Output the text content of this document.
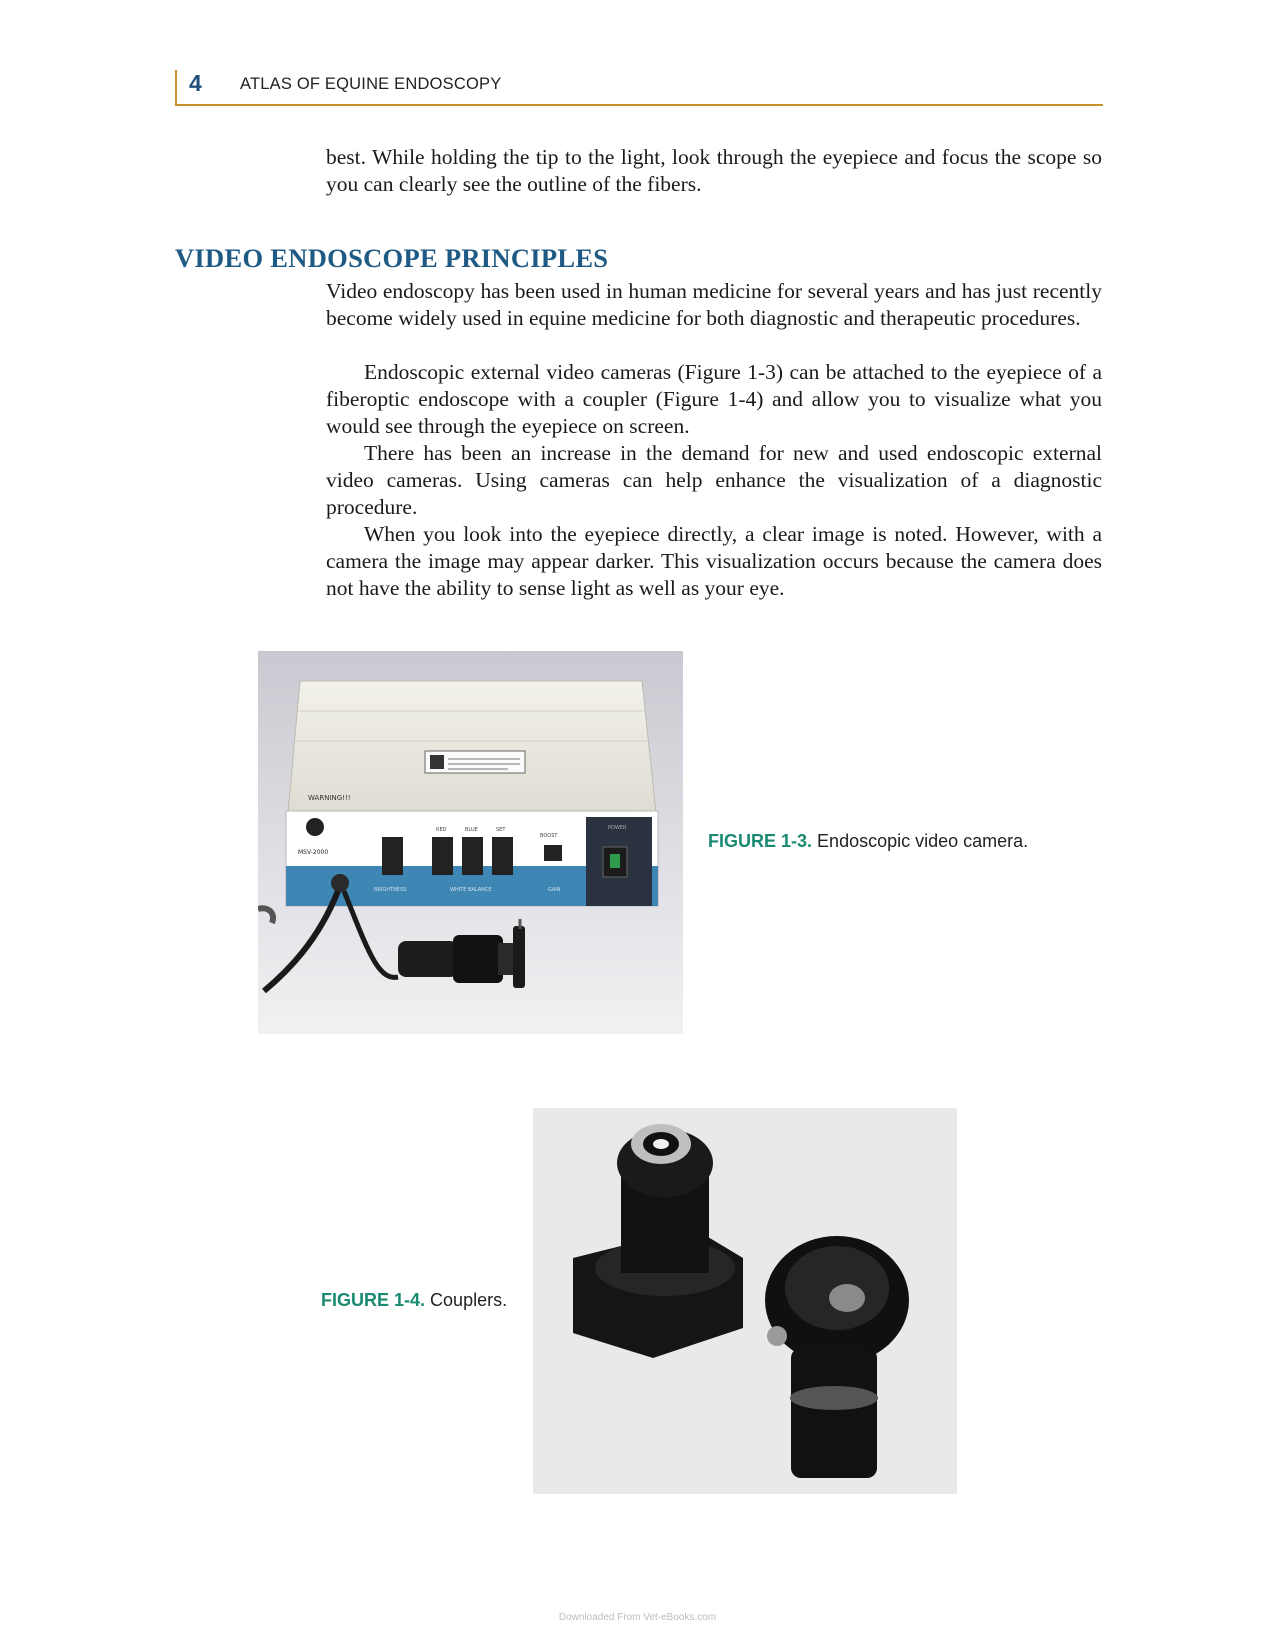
4 ATLAS OF EQUINE ENDOSCOPY

best. While holding the tip to the light, look through the eyepiece and focus the scope so you can clearly see the outline of the fibers.

VIDEO ENDOSCOPE PRINCIPLES

Video endoscopy has been used in human medicine for several years and has just recently become widely used in equine medicine for both diagnostic and therapeutic procedures.

Endoscopic external video cameras (Figure 1-3) can be attached to the eyepiece of a fiberoptic endoscope with a coupler (Figure 1-4) and allow you to visualize what you would see through the eyepiece on screen.

There has been an increase in the demand for new and used endoscopic external video cameras. Using cameras can help enhance the visualization of a diagnostic procedure.

When you look into the eyepiece directly, a clear image is noted. However, with a camera the image may appear darker. This visualization occurs because the camera does not have the ability to sense light as well as your eye.

WARNING!!!
MSV-2000
RED	BLUE	SET
BOOST
POWER
BRIGHTNESS	WHITE BALANCE	GAIN
FIGURE 1-3. Endoscopic video camera.
FIGURE 1-4. Couplers.
Downloaded From Vet-eBooks.com
